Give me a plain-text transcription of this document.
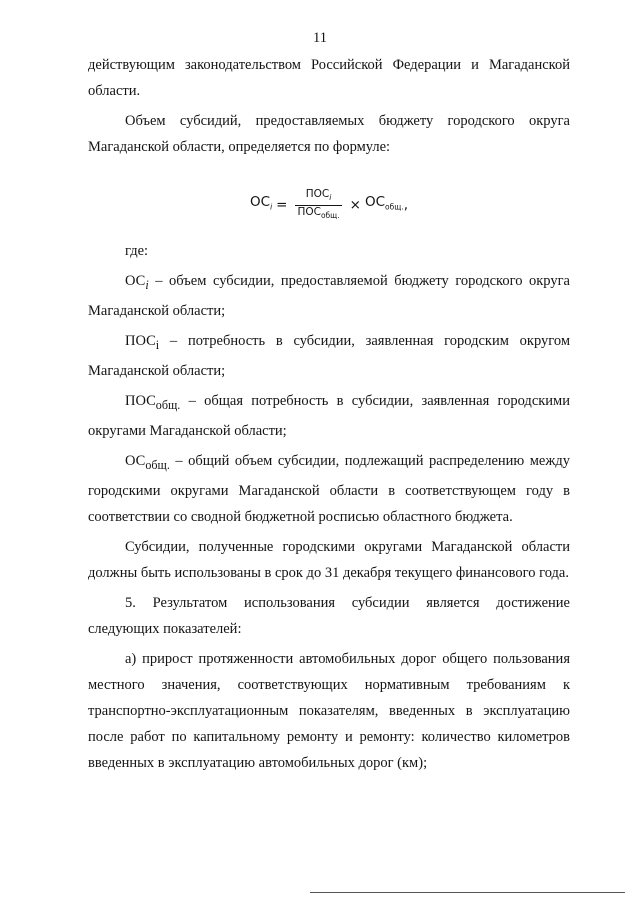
11

действующим законодательством Российской Федерации и Магаданской области.

Объем субсидий, предоставляемых бюджету городского округа Магаданской области, определяется по формуле:

$ОС_i = \frac{ПОС_i}{ПОС_{общ.}} \times ОС_{общ.}$ ,

где:

$ОС_i$ – объем субсидии, предоставляемой бюджету городского округа Магаданской области;

$ПОС_i$ – потребность в субсидии, заявленная городским округом Магаданской области;

$ПОС_{общ.}$ – общая потребность в субсидии, заявленная городскими округами Магаданской области;

$ОС_{общ.}$ – общий объем субсидии, подлежащий распределению между городскими округами Магаданской области в соответствующем году в соответствии со сводной бюджетной росписью областного бюджета.

Субсидии, полученные городскими округами Магаданской области должны быть использованы в срок до 31 декабря текущего финансового года.

5. Результатом использования субсидии является достижение следующих показателей:

а) прирост протяженности автомобильных дорог общего пользования местного значения, соответствующих нормативным требованиям к транспортно-эксплуатационным показателям, введенных в эксплуатацию после работ по капитальному ремонту и ремонту: количество километров введенных в эксплуатацию автомобильных дорог (км);
